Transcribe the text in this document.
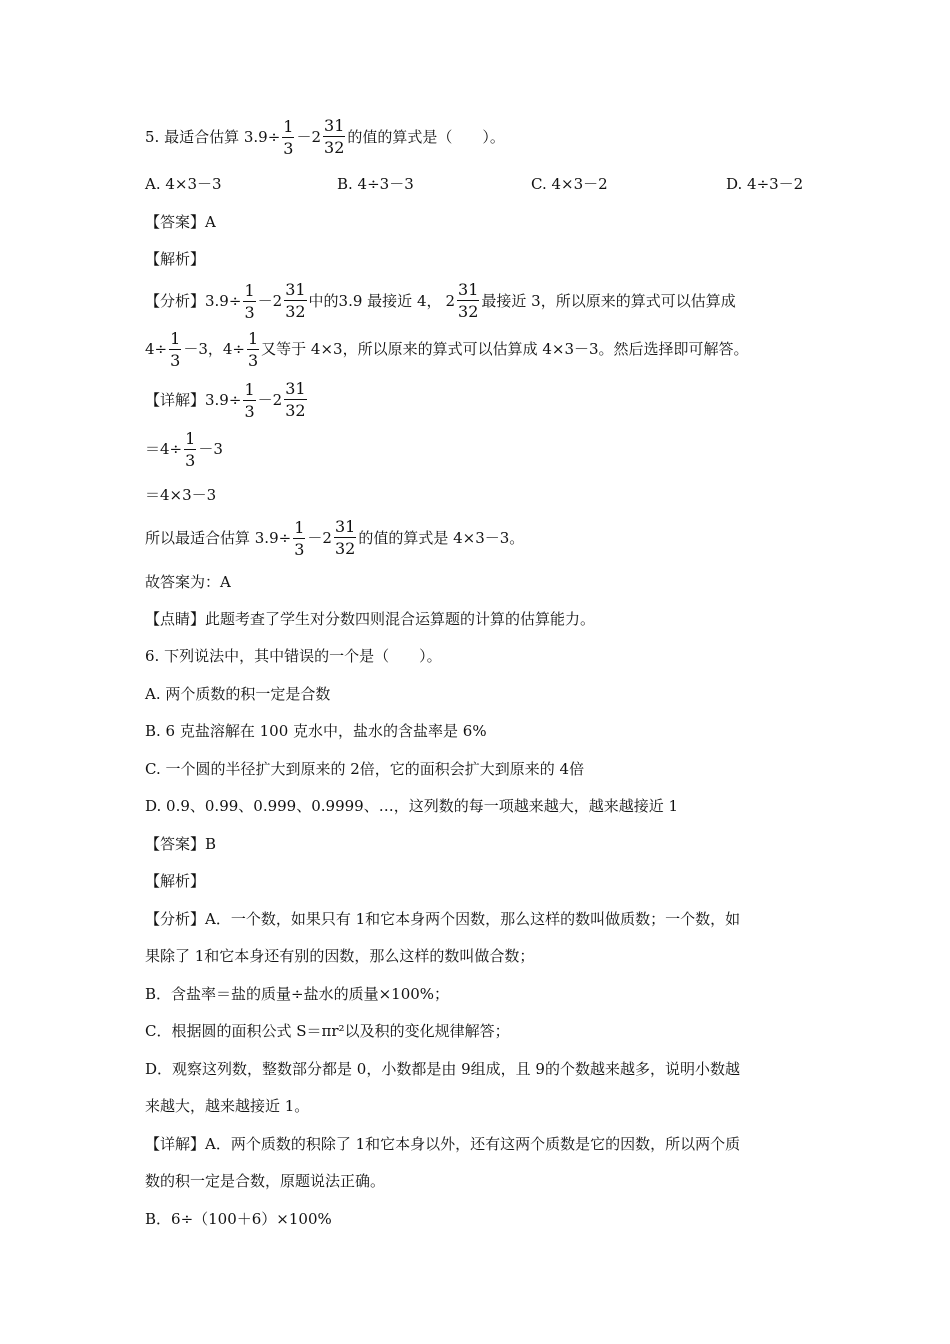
5. 最适合估算 $3.9\div \frac{1}{3} - 2 \frac{31}{32}$ 的值的算式是（　　）。
A. 4×3－3	B. 4÷3－3	C. 4×3－2	D. 4÷3－2
【答案】A
【解析】
【分析】$3.9\div \frac{1}{3} - 2 \frac{31}{32}$ 中的3.9 最接近 4， $2 \frac{31}{32}$ 最接近 3，所以原来的算式可以估算成
$4\div \frac{1}{3} -3$，$4\div \frac{1}{3}$ 又等于 4×3，所以原来的算式可以估算成 4×3－3。然后选择即可解答。
【详解】$3.9\div \frac{1}{3} - 2 \frac{31}{32}$
$=4\div \frac{1}{3} -3$
＝4×3－3
所以最适合估算 $3.9\div \frac{1}{3} - 2 \frac{31}{32}$ 的值的算式是 4×3－3。
故答案为：A
【点睛】此题考查了学生对分数四则混合运算题的计算的估算能力。
6. 下列说法中，其中错误的一个是（　　）。
A. 两个质数的积一定是合数
B. 6 克盐溶解在 100 克水中，盐水的含盐率是 6%
C. 一个圆的半径扩大到原来的 2倍，它的面积会扩大到原来的 4倍
D. 0.9、0.99、0.999、0.9999、…，这列数的每一项越来越大，越来越接近 1
【答案】B
【解析】
【分析】A．一个数，如果只有 1和它本身两个因数，那么这样的数叫做质数；一个数，如
果除了 1和它本身还有别的因数，那么这样的数叫做合数；
B．含盐率＝盐的质量÷盐水的质量×100%；
C．根据圆的面积公式 S＝πr²以及积的变化规律解答；
D．观察这列数，整数部分都是 0，小数都是由 9组成，且 9的个数越来越多，说明小数越
来越大，越来越接近 1。
【详解】A．两个质数的积除了 1和它本身以外，还有这两个质数是它的因数，所以两个质
数的积一定是合数，原题说法正确。
B．6÷（100＋6）×100%
